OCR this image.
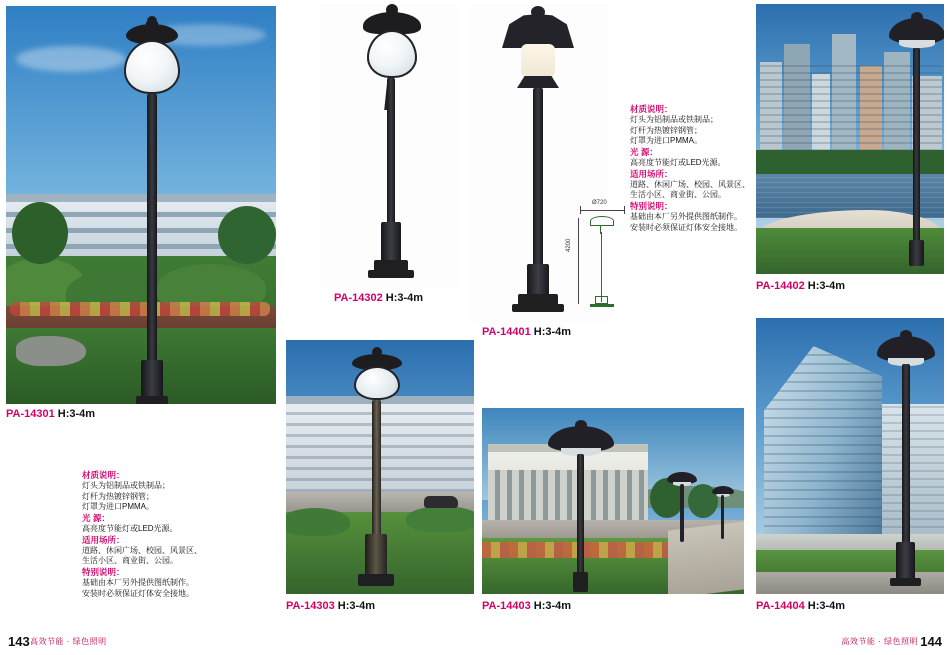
PA-14301 H:3-4m
材质说明：
灯头为铝制品或铁制品；
灯杆为热镀锌钢管；
灯罩为进口PMMA。
光 源：
高亮度节能灯或LED光源。
适用场所：
道路、休闲广场、校园、风景区、
生活小区、商业街、公园。
特别说明：
基础由本厂另外提供图纸制作。
安装时必须保证灯体安全接地。
PA-14302 H:3-4m
PA-14401 H:3-4m
Ø720
4200
材质说明：
灯头为铝制品或铁制品；
灯杆为热镀锌钢管；
灯罩为进口PMMA。
光 源：
高亮度节能灯或LED光源。
适用场所：
道路、休闲广场、校园、风景区、
生活小区、商业街、公园。
特别说明：
基础由本厂另外提供图纸制作。
安装时必须保证灯体安全接地。
PA-14402 H:3-4m
PA-14303 H:3-4m	PA-14403 H:3-4m	PA-14404 H:3-4m
143 高效节能 · 绿色照明	高效节能 · 绿色照明 144
